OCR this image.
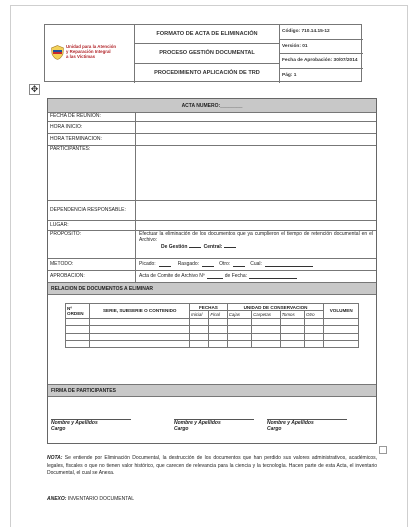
Unidad para la Atención
y Reparación Integral
a las Víctimas
FORMATO DE ACTA DE ELIMINACIÓN
PROCESO GESTIÓN DOCUMENTAL
PROCEDIMIENTO APLICACIÓN DE TRD
Código: 710.14.15-12
Versión: 01
Fecha de Aprobación: 30/07/2014
Pág: 1
✥
ACTA NUMERO:________
FECHA DE REUNION:
HORA INICIO:
HORA TERMINACION:
PARTICIPANTES:
DEPENDENCIA RESPONSABLE:
LUGAR:
PROPOSITO:	Efectuar la eliminación de los documentos que ya cumplieron el tiempo de retención documental en el Archivo:
De Gestión	Central:
METODO:	Picado:	Rasgado:	Otro:	Cual:
APROBACION:	Acta de Comite de Archivo Nº	de Fecha:
RELACION DE DOCUMENTOS A ELIMINAR
Nº ORDEN	SERIE, SUBSERIE O CONTENIDO	FECHAS		UNIDAD DE CONSERVACION				VOLUMEN
		Inicial	Final	Cajas	Carpetas	Tomos	Otro	

FIRMA DE PARTICIPANTES
Nombre y Apellidos
Cargo
Nombre y Apellidos
Cargo
Nombre y Apellidos
Cargo
NOTA: Se entiende por Eliminación Documental, la destrucción de los documentos que han perdido sus valores administrativos, académicos, legales, fiscales o que no tienen valor histórico, que carecen de relevancia para la ciencia y la tecnología. Hacen parte de esta Acta, el inventario Documental, el cual se Anexa.
ANEXO: INVENTARIO DOCUMENTAL
